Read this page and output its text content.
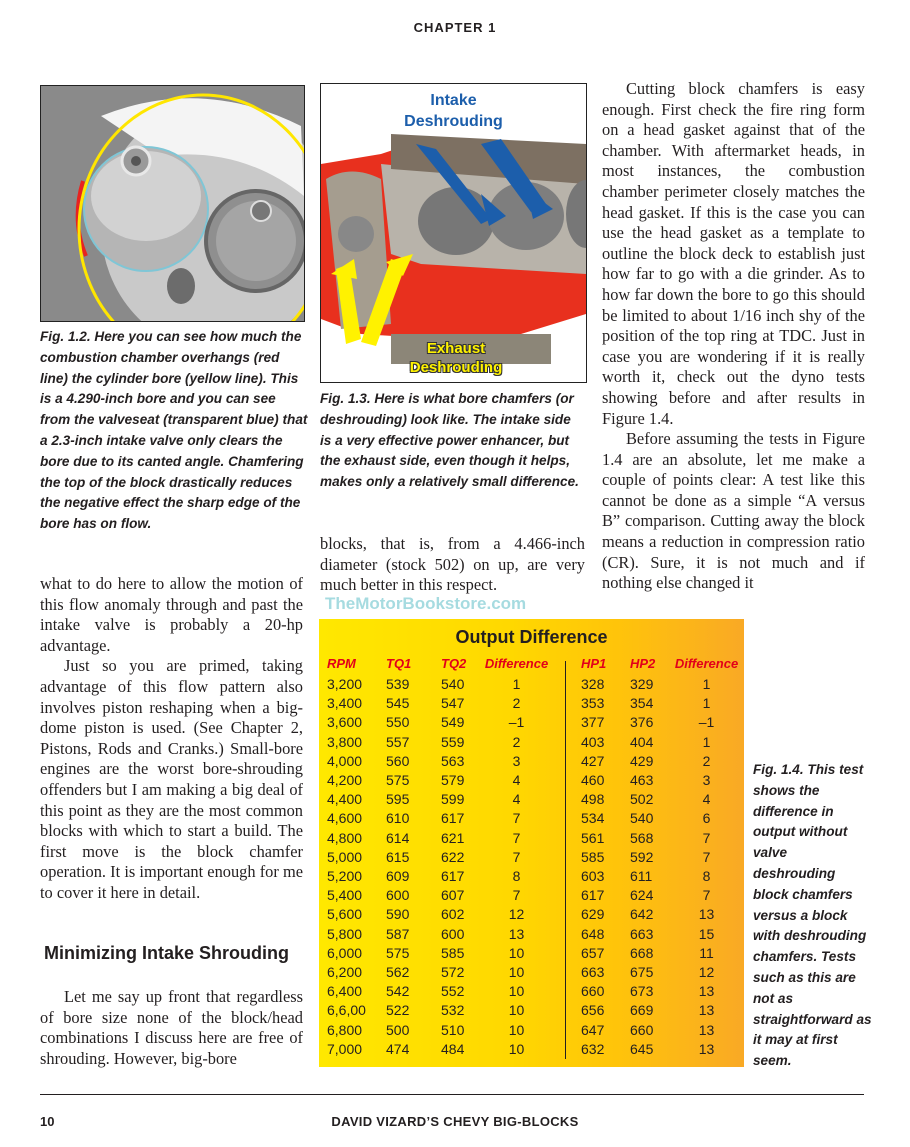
CHAPTER 1
Fig. 1.2. Here you can see how much the combustion chamber overhangs (red line) the cylinder bore (yellow line). This is a 4.290-inch bore and you can see from the valveseat (transparent blue) that a 2.3-inch intake valve only clears the bore due to its canted angle. Chamfering the top of the block drastically reduces the negative effect the sharp edge of the bore has on flow.
Intake
Deshrouding
Exhaust
Deshrouding
Fig. 1.3. Here is what bore chamfers (or deshrouding) look like. The intake side is a very effective power enhancer, but the exhaust side, even though it helps, makes only a relatively small difference.

blocks, that is, from a 4.466-inch diameter (stock 502) on up, are very much better in this respect.

what to do here to allow the motion of this flow anomaly through and past the intake valve is probably a 20-hp advantage.

Just so you are primed, taking advantage of this flow pattern also involves piston reshaping when a big-dome piston is used. (See Chapter 2, Pistons, Rods and Cranks.) Small-bore engines are the worst bore-shrouding offenders but I am making a big deal of this point as they are the most common blocks with which to start a build. The first move is the block chamfer operation. It is important enough for me to cover it here in detail.

Minimizing Intake Shrouding

Let me say up front that regardless of bore size none of the block/head combinations I discuss here are free of shrouding. However, big-bore

Cutting block chamfers is easy enough. First check the fire ring form on a head gasket against that of the chamber. With aftermarket heads, in most instances, the combustion chamber perimeter closely matches the head gasket. If this is the case you can use the head gasket as a template to outline the block deck to establish just how far to go with a die grinder. As to how far down the bore to go this should be limited to about 1/16 inch shy of the position of the top ring at TDC. Just in case you are wondering if it is really worth it, check out the dyno tests showing before and after results in Figure 1.4.

Before assuming the tests in Figure 1.4 are an absolute, let me make a couple of points clear: A test like this cannot be done as a simple “A versus B” comparison. Cutting away the block means a reduction in compression ratio (CR). Sure, it is not much and if nothing else changed it

TheMotorBookstore.com
Output Difference
RPM TQ1 TQ2	Difference	HP1 HP2	Difference
3,200 539 540	1	328 329	1
3,400 545 547	2	353 354	1
3,600 550 549	–1	377 376	–1
3,800 557 559	2	403 404	1
4,000 560 563	3	427 429	2
4,200 575 579	4	460 463	3
4,400 595 599	4	498 502	4
4,600 610 617	7	534 540	6
4,800 614 621	7	561 568	7
5,000 615 622	7	585 592	7
5,200 609 617	8	603 611	8
5,400 600 607	7	617 624	7
5,600 590 602	12	629 642	13
5,800 587 600	13	648 663	15
6,000 575 585	10	657 668	11
6,200 562 572	10	663 675	12
6,400 542 552	10	660 673	13
6,6,00 522 532	10	656 669	13
6,800 500 510	10	647 660	13
7,000 474 484	10	632 645	13
Fig. 1.4. This test shows the difference in output without valve deshrouding block chamfers versus a block with deshrouding chamfers. Tests such as this are not as straightforward as it may at first seem.
10	DAVID VIZARD’S CHEVY BIG-BLOCKS
